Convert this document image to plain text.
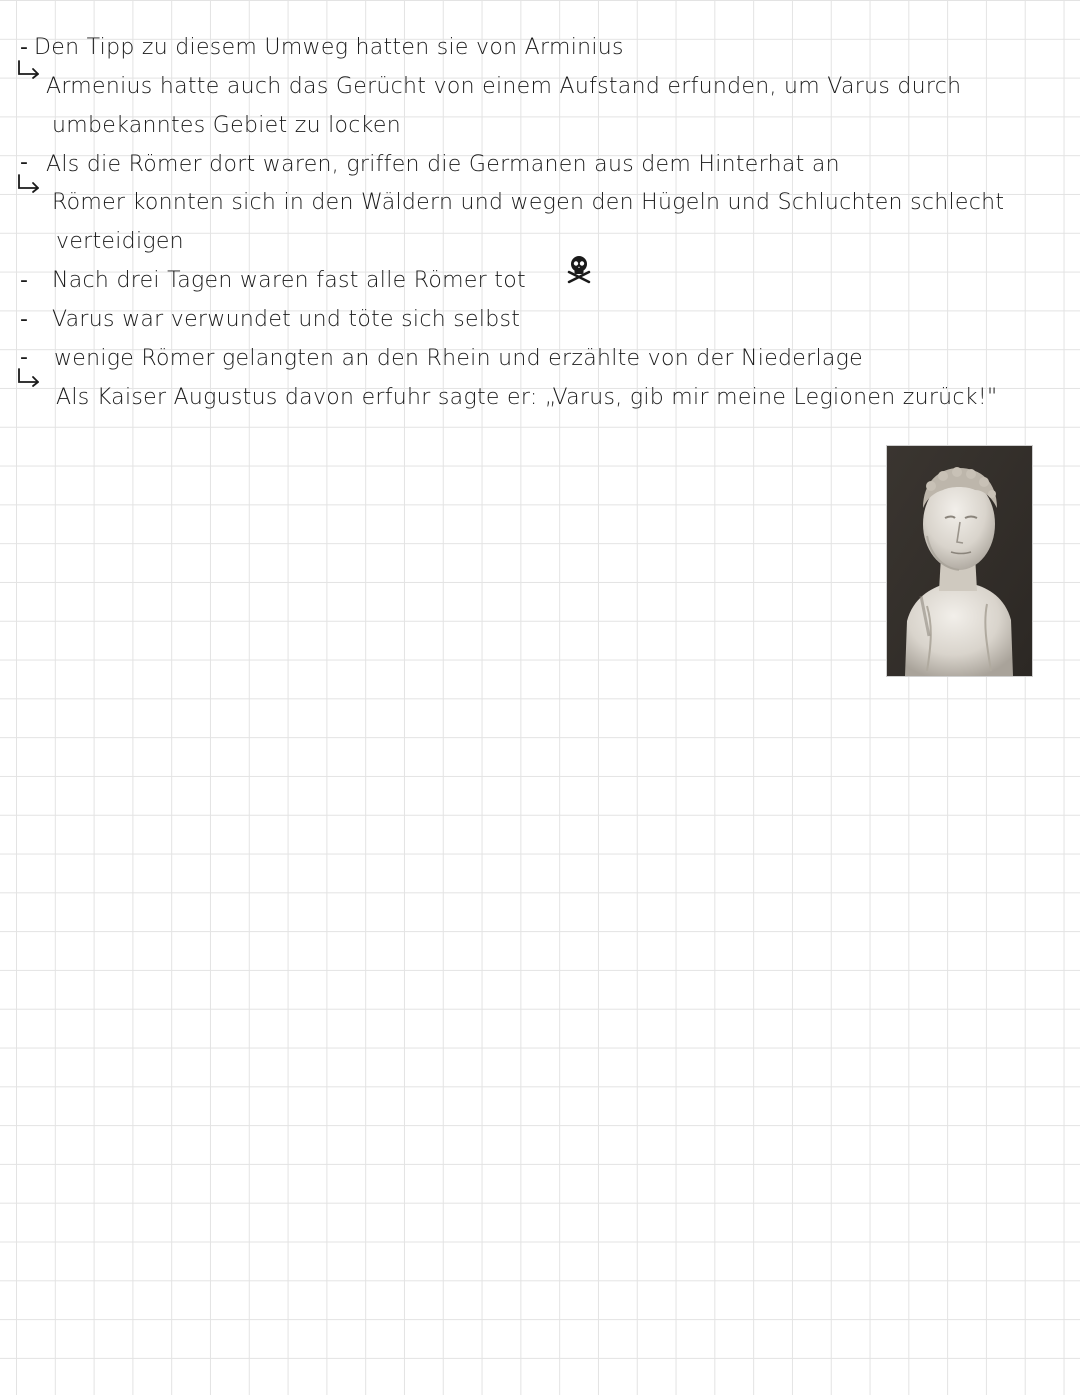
- Den Tipp zu diesem Umweg hatten sie von Arminius
Armenius hatte auch das Gerücht von einem Aufstand erfunden, um Varus durch
umbekanntes Gebiet zu locken
- Als die Römer dort waren, griffen die Germanen aus dem Hinterhat an
Römer konnten sich in den Wäldern und wegen den Hügeln und Schluchten schlecht
verteidigen
- Nach drei Tagen waren fast alle Römer tot
- Varus war verwundet und töte sich selbst
- wenige Römer gelangten an den Rhein und erzählte von der Niederlage
Als Kaiser Augustus davon erfuhr sagte er: „Varus, gib mir meine Legionen zurück!"
